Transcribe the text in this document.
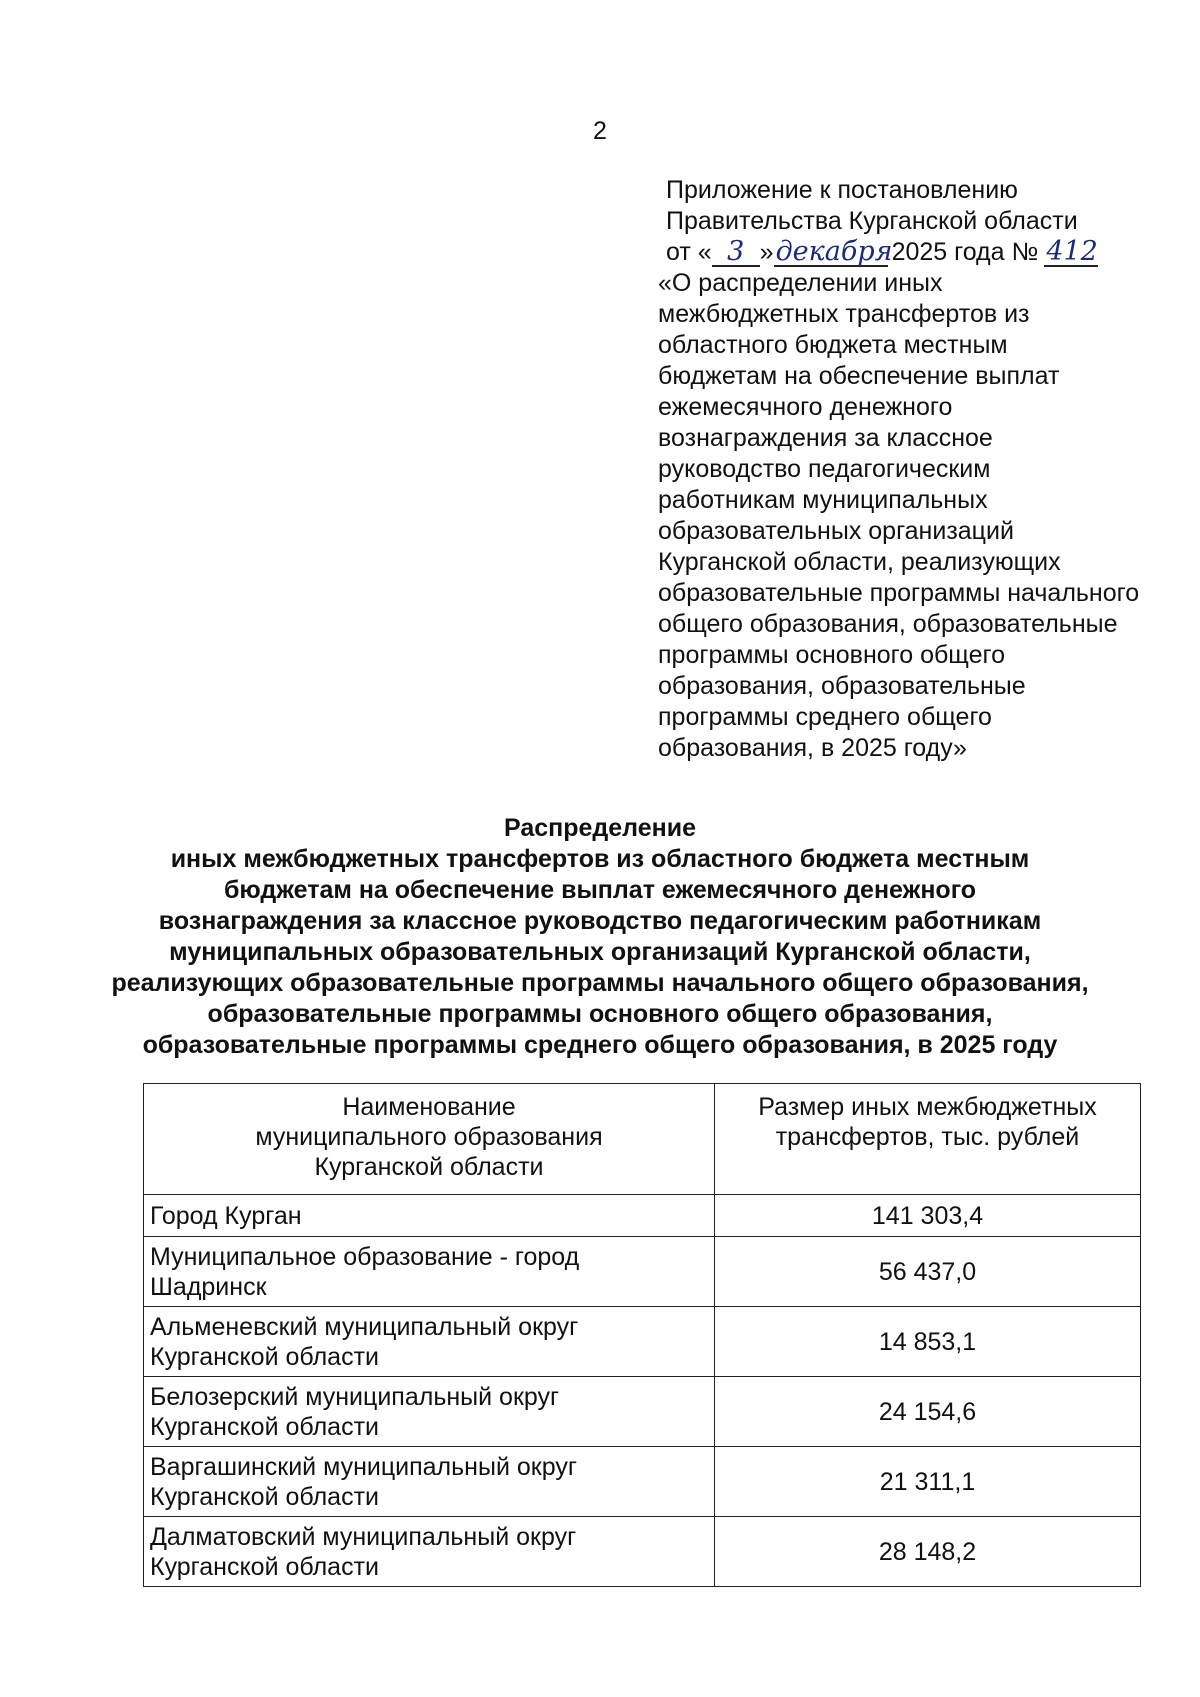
2
Приложение к постановлению
Правительства Курганской области
от « 3 » декабря 2025 года № 412
«О распределении иных
межбюджетных трансфертов из
областного бюджета местным
бюджетам на обеспечение выплат
ежемесячного денежного
вознаграждения за классное
руководство педагогическим
работникам муниципальных
образовательных организаций
Курганской области, реализующих
образовательные программы начального
общего образования, образовательные
программы основного общего
образования, образовательные
программы среднего общего
образования, в 2025 году»
Распределение
иных межбюджетных трансфертов из областного бюджета местным
бюджетам на обеспечение выплат ежемесячного денежного
вознаграждения за классное руководство педагогическим работникам
муниципальных образовательных организаций Курганской области,
реализующих образовательные программы начального общего образования,
образовательные программы основного общего образования,
образовательные программы среднего общего образования, в 2025 году
Наименование
муниципального образования
Курганской области	Размер иных межбюджетных
трансфертов, тыс. рублей

Город Курган	141 303,4

Муниципальное образование - город
Шадринск	56 437,0

Альменевский муниципальный округ
Курганской области	14 853,1

Белозерский муниципальный округ
Курганской области	24 154,6

Варгашинский муниципальный округ
Курганской области	21 311,1

Далматовский муниципальный округ
Курганской области	28 148,2
